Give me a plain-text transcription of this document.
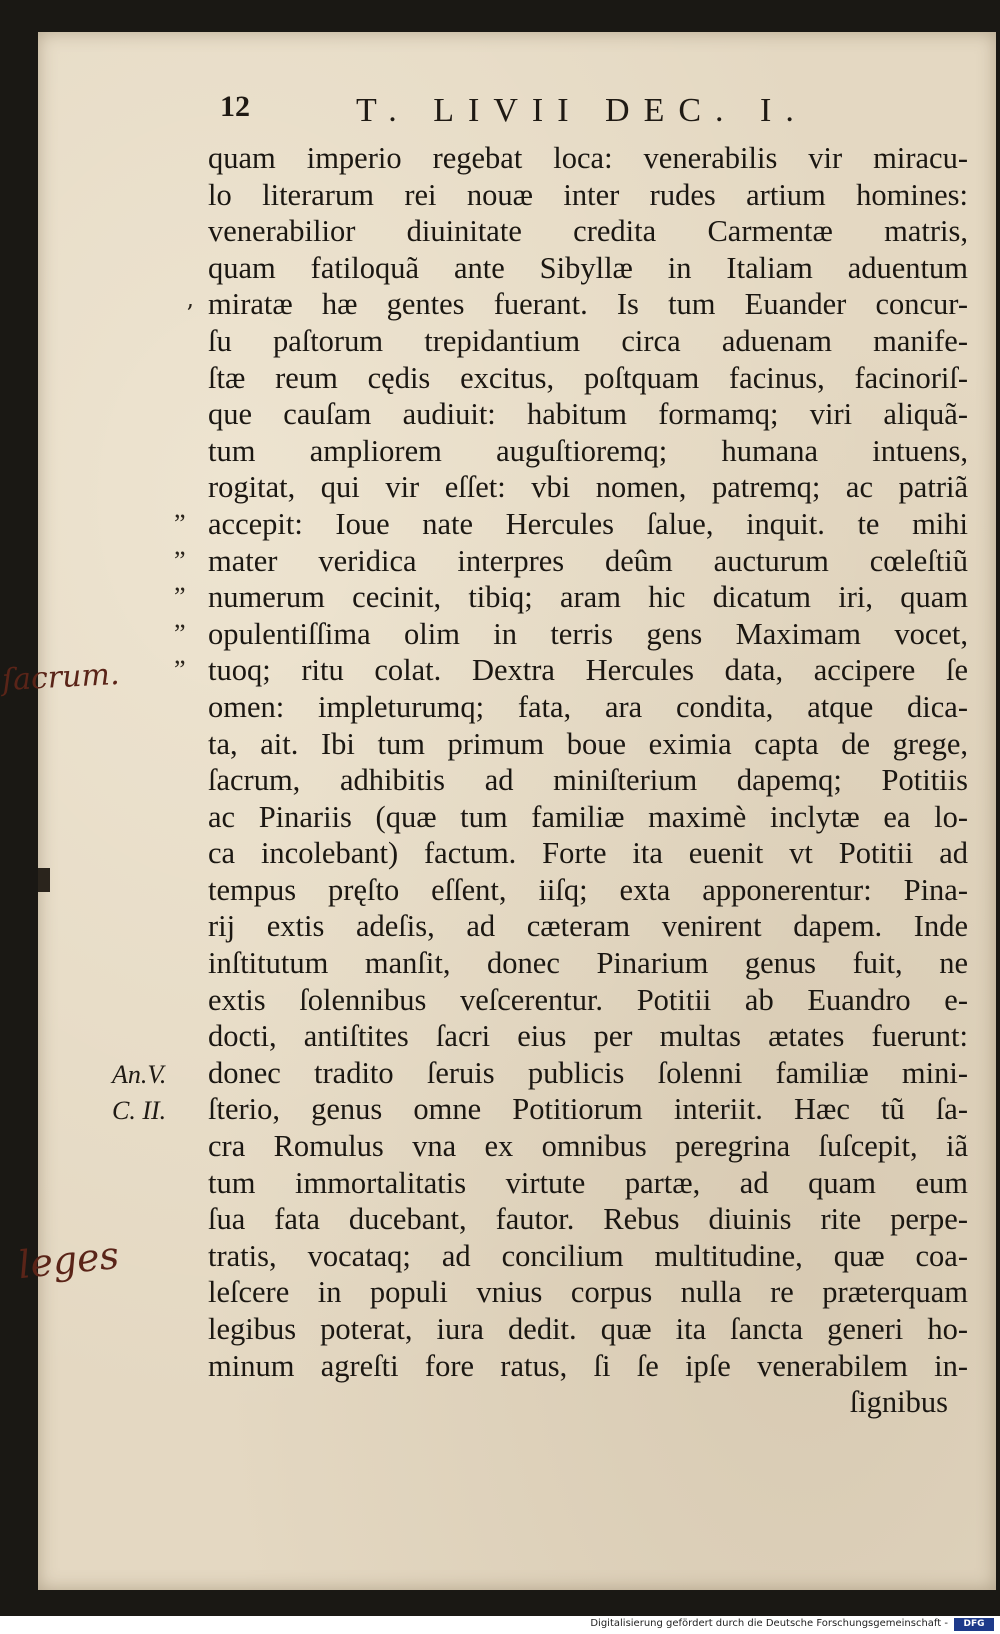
12	T. LIVII DEC. I.
’
” ” ” ” ”
ſacrum.
An.V.
C. II.
leges
quam imperio regebat loca: venerabilis vir miracu-
lo literarum rei nouæ inter rudes artium homines:
venerabilior diuinitate credita Carmentæ matris,
quam fatiloquã ante Sibyllæ in Italiam aduentum
miratæ hæ gentes fuerant. Is tum Euander concur-
ſu paſtorum trepidantium circa aduenam manife-
ſtæ reum cędis excitus, poſtquam facinus, facinoriſ-
que cauſam audiuit: habitum formamq; viri aliquã-
tum ampliorem auguſtioremq; humana intuens,
rogitat, qui vir eſſet: vbi nomen, patremq; ac patriã
accepit: Ioue nate Hercules ſalue, inquit. te mihi
mater veridica interpres deûm aucturum cœleſtiũ
numerum cecinit, tibiq; aram hic dicatum iri, quam
opulentiſſima olim in terris gens Maximam vocet,
tuoq; ritu colat. Dextra Hercules data, accipere ſe
omen: impleturumq; fata, ara condita, atque dica-
ta, ait. Ibi tum primum boue eximia capta de grege,
ſacrum, adhibitis ad miniſterium dapemq; Potitiis
ac Pinariis (quæ tum familiæ maximè inclytæ ea lo-
ca incolebant) factum. Forte ita euenit vt Potitii ad
tempus pręſto eſſent, iiſq; exta apponerentur: Pina-
rij extis adeſis, ad cæteram venirent dapem. Inde
inſtitutum manſit, donec Pinarium genus fuit, ne
extis ſolennibus veſcerentur. Potitii ab Euandro e-
docti, antiſtites ſacri eius per multas ætates fuerunt:
donec tradito ſeruis publicis ſolenni familiæ mini-
ſterio, genus omne Potitiorum interiit. Hæc tũ ſa-
cra Romulus vna ex omnibus peregrina ſuſcepit, iã
tum immortalitatis virtute partæ, ad quam eum
ſua fata ducebant, fautor. Rebus diuinis rite perpe-
tratis, vocataq; ad concilium multitudine, quæ coa-
leſcere in populi vnius corpus nulla re præterquam
legibus poterat, iura dedit. quæ ita ſancta generi ho-
minum agreſti fore ratus, ſi ſe ipſe venerabilem in-
ſignibus
Digitalisierung gefördert durch die Deutsche Forschungsgemeinschaft -	DFG
